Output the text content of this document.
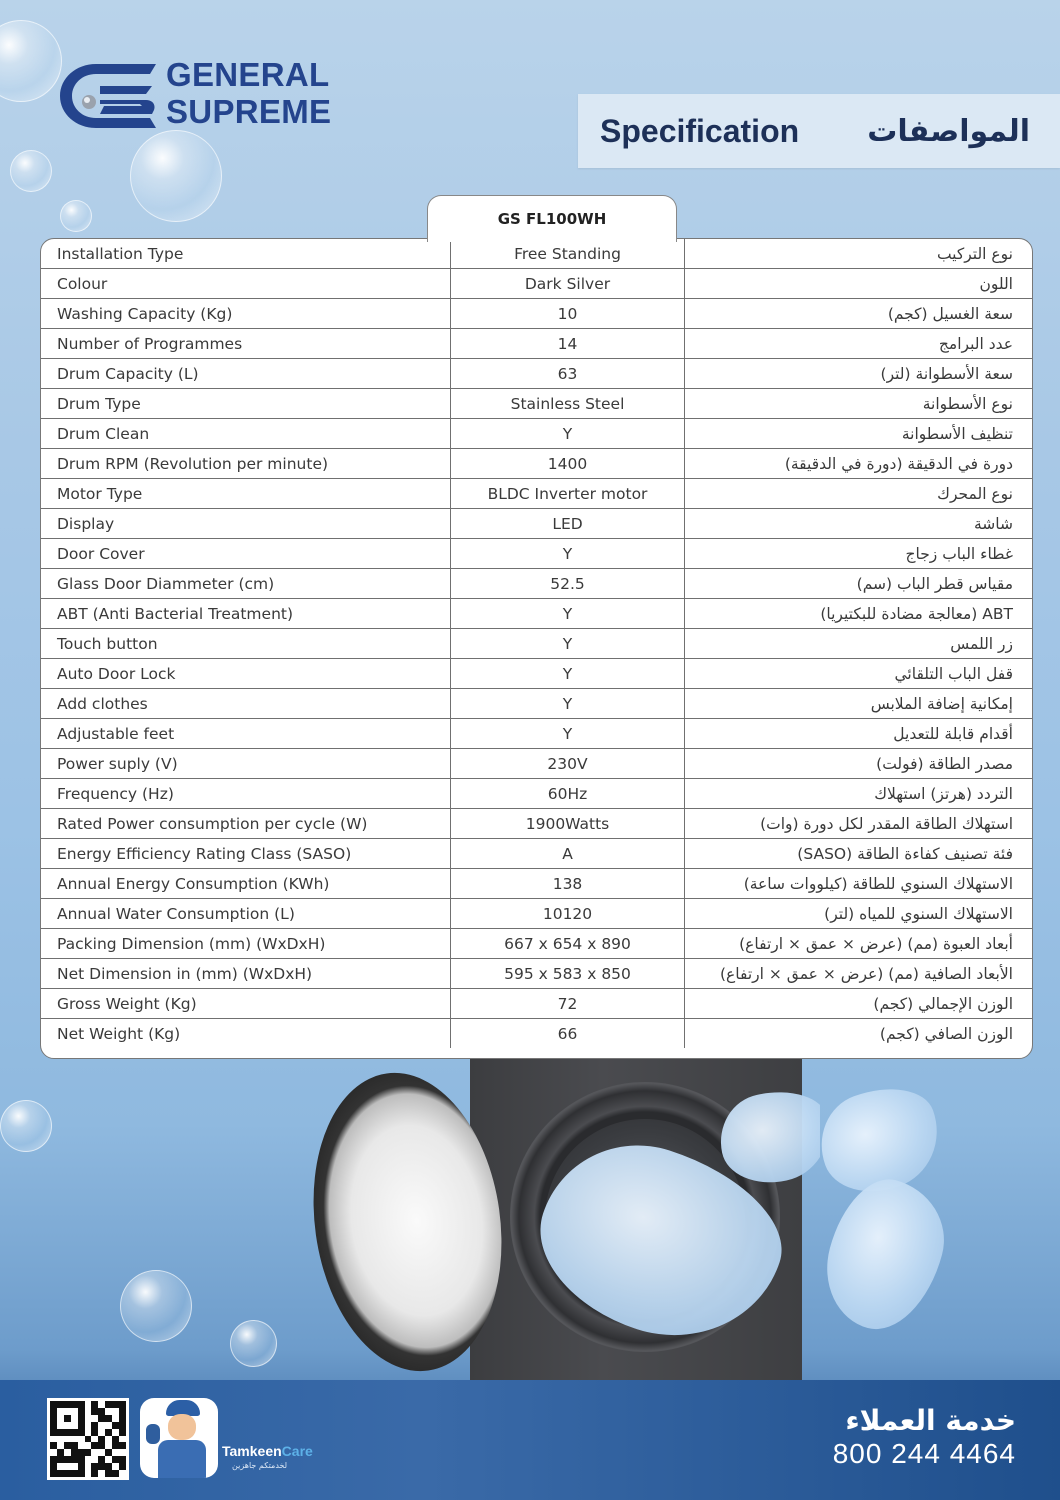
GENERAL
SUPREME
Specification المواصفات
GS FL100WH
Installation Type	Free Standing	نوع التركيب
Colour	Dark Silver	اللون
Washing Capacity (Kg)	10	سعة الغسيل (كجم)
Number of Programmes	14	عدد البرامج
Drum Capacity (L)	63	سعة الأسطوانة (لتر)
Drum Type	Stainless Steel	نوع الأسطوانة
Drum Clean	Y	تنظيف الأسطوانة
Drum RPM (Revolution per minute)	1400	دورة في الدقيقة (دورة في الدقيقة)
Motor Type	BLDC Inverter motor	نوع المحرك
Display	LED	شاشة
Door Cover	Y	غطاء الباب زجاج
Glass Door Diammeter (cm)	52.5	مقياس قطر الباب (سم)
ABT (Anti Bacterial Treatment)	Y	ABT (معالجة مضادة للبكتيريا)
Touch button	Y	زر اللمس
Auto Door Lock	Y	قفل الباب التلقائي
Add clothes	Y	إمكانية إضافة الملابس
Adjustable feet	Y	أقدام قابلة للتعديل
Power suply (V)	230V	مصدر الطاقة (فولت)
Frequency (Hz)	60Hz	التردد (هرتز) استهلاك
Rated Power consumption per cycle (W)	1900Watts	استهلاك الطاقة المقدر لكل دورة (وات)
Energy Efficiency Rating Class (SASO)	A	فئة تصنيف كفاءة الطاقة (SASO)
Annual Energy Consumption (KWh)	138	الاستهلاك السنوي للطاقة (كيلووات ساعة)
Annual Water Consumption (L)	10120	الاستهلاك السنوي للمياه (لتر)
Packing Dimension (mm) (WxDxH)	667 x 654 x 890	أبعاد العبوة (مم) (عرض × عمق × ارتفاع)
Net Dimension in (mm) (WxDxH)	595 x 583 x 850	الأبعاد الصافية (مم) (عرض × عمق × ارتفاع)
Gross Weight (Kg)	72	الوزن الإجمالي (كجم)
Net Weight (Kg)	66	الوزن الصافي (كجم)
TamkeenCare
لخدمتكم جاهزين
خدمة العملاء
800 244 4464
